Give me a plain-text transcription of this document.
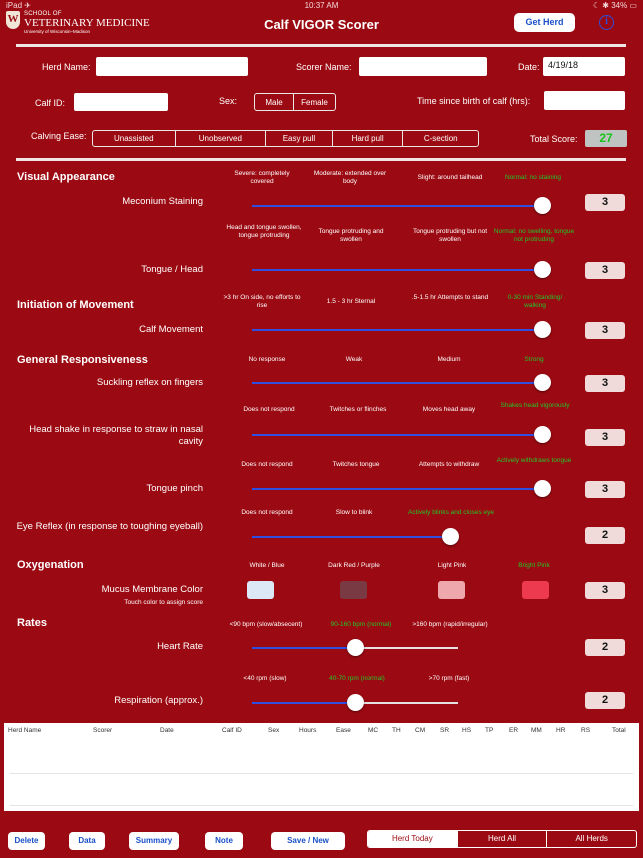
iPad ✈	10:37 AM	☾ ✱ 34% ▭
W SCHOOL OF
VETERINARY MEDICINE
University of Wisconsin–Madison	Calf VIGOR Scorer	Get Herd	i
Herd Name:	Scorer Name:	Date: 4/19/18
Calf ID:	Sex:	Male	Female	Time since birth of calf (hrs):
Calving Ease:	Unassisted	Unobserved	Easy pull	Hard pull	C-section	Total Score:	27
Visual Appearance
Initiation of Movement
General Responsiveness
Oxygenation
Rates
Severe: completely covered
Moderate: extended over body
Slight: around tailhead	Normal: no staining
Meconium Staining	3
Head and tongue swollen, tongue protruding
Tongue protruding and swollen
Tongue protruding but not swollen
Normal: no swelling, tongue not protruding
Tongue / Head	3
>3 hr On side, no efforts to rise
1.5 - 3 hr Sternal
.5-1.5 hr Attempts to stand	0-30 min Standing/ walking
Calf Movement	3
No response	Weak	Medium	Strong
Suckling reflex on fingers	3
Does not respond	Twitches or flinches	Moves head away
Shakes head vigorously
Head shake in response to straw in nasal cavity	3
Does not respond	Twitches tongue	Attempts to withdraw
Actively withdraws tongue
Tongue pinch	3
Does not respond	Slow to blink	Actively blinks and closes eye
Eye Reflex (in response to toughing eyeball)
2
White / Blue	Dark Red / Purple	Light Pink	Bright Pink
Mucus Membrane Color
Touch color to assign score
3
<90 bpm (slow/absecent)	90-160 bpm (normal)	>160 bpm (rapid/irregular)
Heart Rate	2
<40 rpm (slow)	40-70 rpm (normal)	>70 rpm (fast)
Respiration (approx.)	2
Herd Name	Scorer	Date	Calf ID	Sex	Hours	Ease	MC TH CM SR HS TP ER MM HR RS	Total
Delete	Data	Summary	Note	Save / New	Herd Today	Herd All	All Herds
